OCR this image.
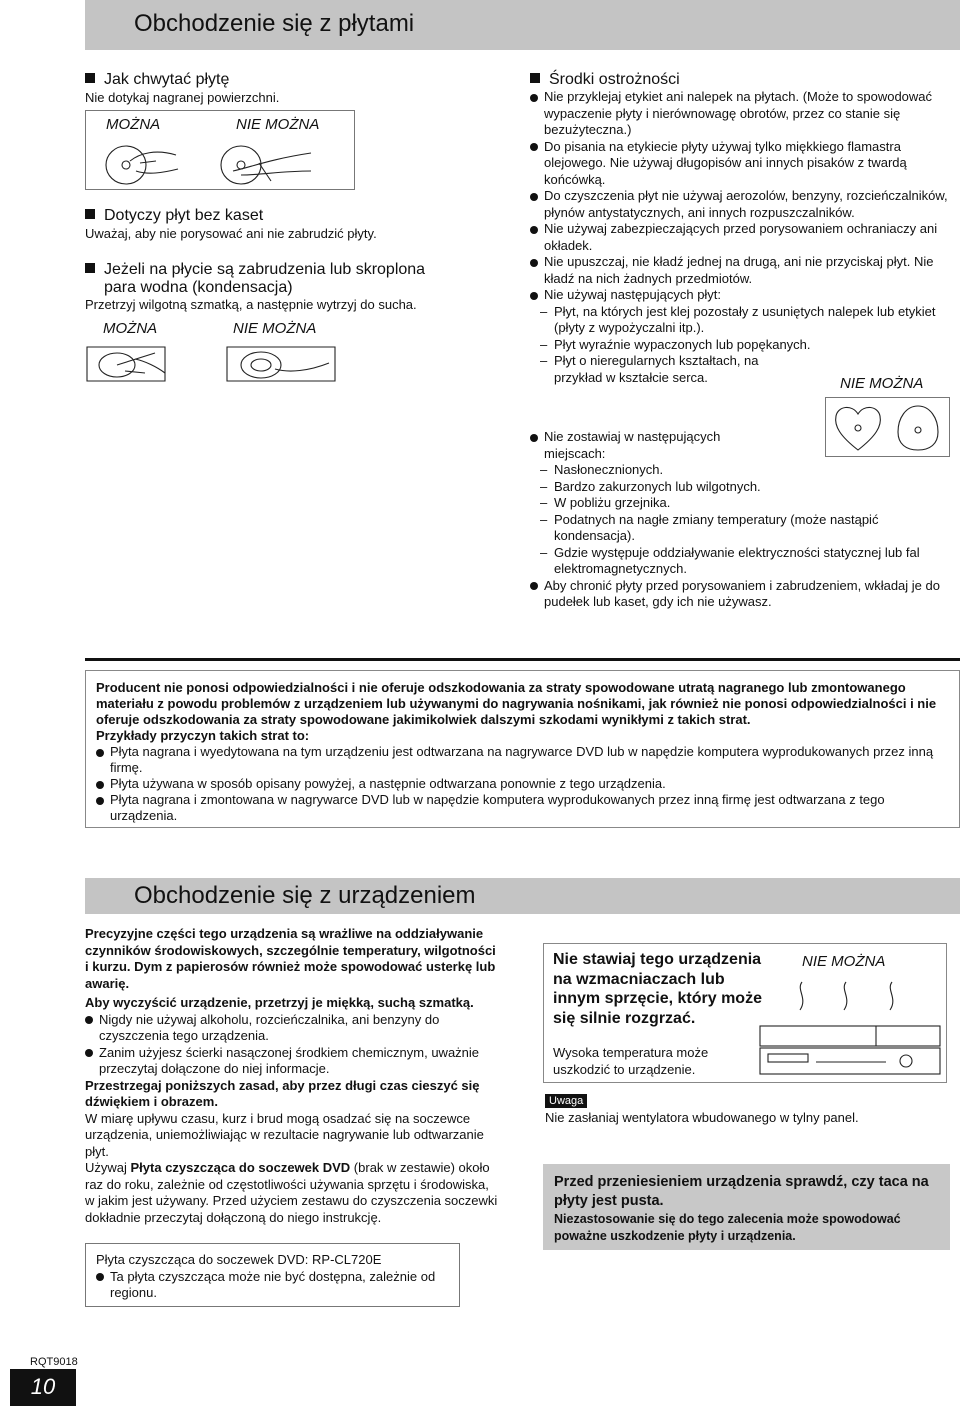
Obchodzenie się z płytami
Jak chwytać płytę
Nie dotykaj nagranej powierzchni.
MOŻNA	NIE MOŻNA
Dotyczy płyt bez kaset
Uważaj, aby nie porysować ani nie zabrudzić płyty.
Jeżeli na płycie są zabrudzenia lub skroplona
para wodna (kondensacja)
Przetrzyj wilgotną szmatką, a następnie wytrzyj do sucha.
MOŻNA	NIE MOŻNA
Środki ostrożności
Nie przyklejaj etykiet ani nalepek na płytach. (Może to spowodować wypaczenie płyty i nierównowagę obrotów, przez co stanie się bezużyteczna.)
Do pisania na etykiecie płyty używaj tylko miękkiego flamastra olejowego. Nie używaj długopisów ani innych pisaków z twardą końcówką.
Do czyszczenia płyt nie używaj aerozolów, benzyny, rozcieńczalników, płynów antystatycznych, ani innych rozpuszczalników.
Nie używaj zabezpieczających przed porysowaniem ochraniaczy ani okładek.
Nie upuszczaj, nie kładź jednej na drugą, ani nie przyciskaj płyt. Nie kładź na nich żadnych przedmiotów.
Nie używaj następujących płyt:
– Płyt, na których jest klej pozostały z usuniętych nalepek lub etykiet (płyty z wypożyczalni itp.).
– Płyt wyraźnie wypaczonych lub popękanych.
– Płyt o nieregularnych kształtach, na przykład w kształcie serca.	NIE MOŻNA
Nie zostawiaj w następujących miejscach:
– Nasłonecznionych.
– Bardzo zakurzonych lub wilgotnych.
– W pobliżu grzejnika.
– Podatnych na nagłe zmiany temperatury (może nastąpić kondensacja).
– Gdzie występuje oddziaływanie elektryczności statycznej lub fal elektromagnetycznych.
Aby chronić płyty przed porysowaniem i zabrudzeniem, wkładaj je do pudełek lub kaset, gdy ich nie używasz.
Producent nie ponosi odpowiedzialności i nie oferuje odszkodowania za straty spowodowane utratą nagranego lub zmontowanego materiału z powodu problemów z urządzeniem lub używanymi do nagrywania nośnikami, jak również nie ponosi odpowiedzialności i nie oferuje odszkodowania za straty spowodowane jakimikolwiek dalszymi szkodami wynikłymi z takich strat.
Przykłady przyczyn takich strat to:
Płyta nagrana i wyedytowana na tym urządzeniu jest odtwarzana na nagrywarce DVD lub w napędzie komputera wyprodukowanych przez inną firmę.
Płyta używana w sposób opisany powyżej, a następnie odtwarzana ponownie z tego urządzenia.
Płyta nagrana i zmontowana w nagrywarce DVD lub w napędzie komputera wyprodukowanych przez inną firmę jest odtwarzana z tego urządzenia.
Obchodzenie się z urządzeniem
Precyzyjne części tego urządzenia są wrażliwe na oddziaływanie czynników środowiskowych, szczególnie temperatury, wilgotności i kurzu. Dym z papierosów również może spowodować usterkę lub awarię.
Aby wyczyścić urządzenie, przetrzyj je miękką, suchą szmatką.
Nigdy nie używaj alkoholu, rozcieńczalnika, ani benzyny do czyszczenia tego urządzenia.
Zanim użyjesz ścierki nasączonej środkiem chemicznym, uważnie przeczytaj dołączone do niej informacje.
Przestrzegaj poniższych zasad, aby przez długi czas cieszyć się dźwiękiem i obrazem.
W miarę upływu czasu, kurz i brud mogą osadzać się na soczewce urządzenia, uniemożliwiając w rezultacie nagrywanie lub odtwarzanie płyt.
Używaj Płyta czyszcząca do soczewek DVD (brak w zestawie) około raz do roku, zależnie od częstotliwości używania sprzętu i środowiska, w jakim jest używany. Przed użyciem zestawu do czyszczenia soczewki dokładnie przeczytaj dołączoną do niego instrukcję.
Płyta czyszcząca do soczewek DVD: RP-CL720E
Ta płyta czyszcząca może nie być dostępna, zależnie od regionu.
Nie stawiaj tego urządzenia na wzmacniaczach lub innym sprzęcie, który może się silnie rozgrzać.
Wysoka temperatura może uszkodzić to urządzenie.
NIE MOŻNA
Uwaga
Nie zasłaniaj wentylatora wbudowanego w tylny panel.
Przed przeniesieniem urządzenia sprawdź, czy taca na płyty jest pusta.
Niezastosowanie się do tego zalecenia może spowodować poważne uszkodzenie płyty i urządzenia.
RQT9018
10
